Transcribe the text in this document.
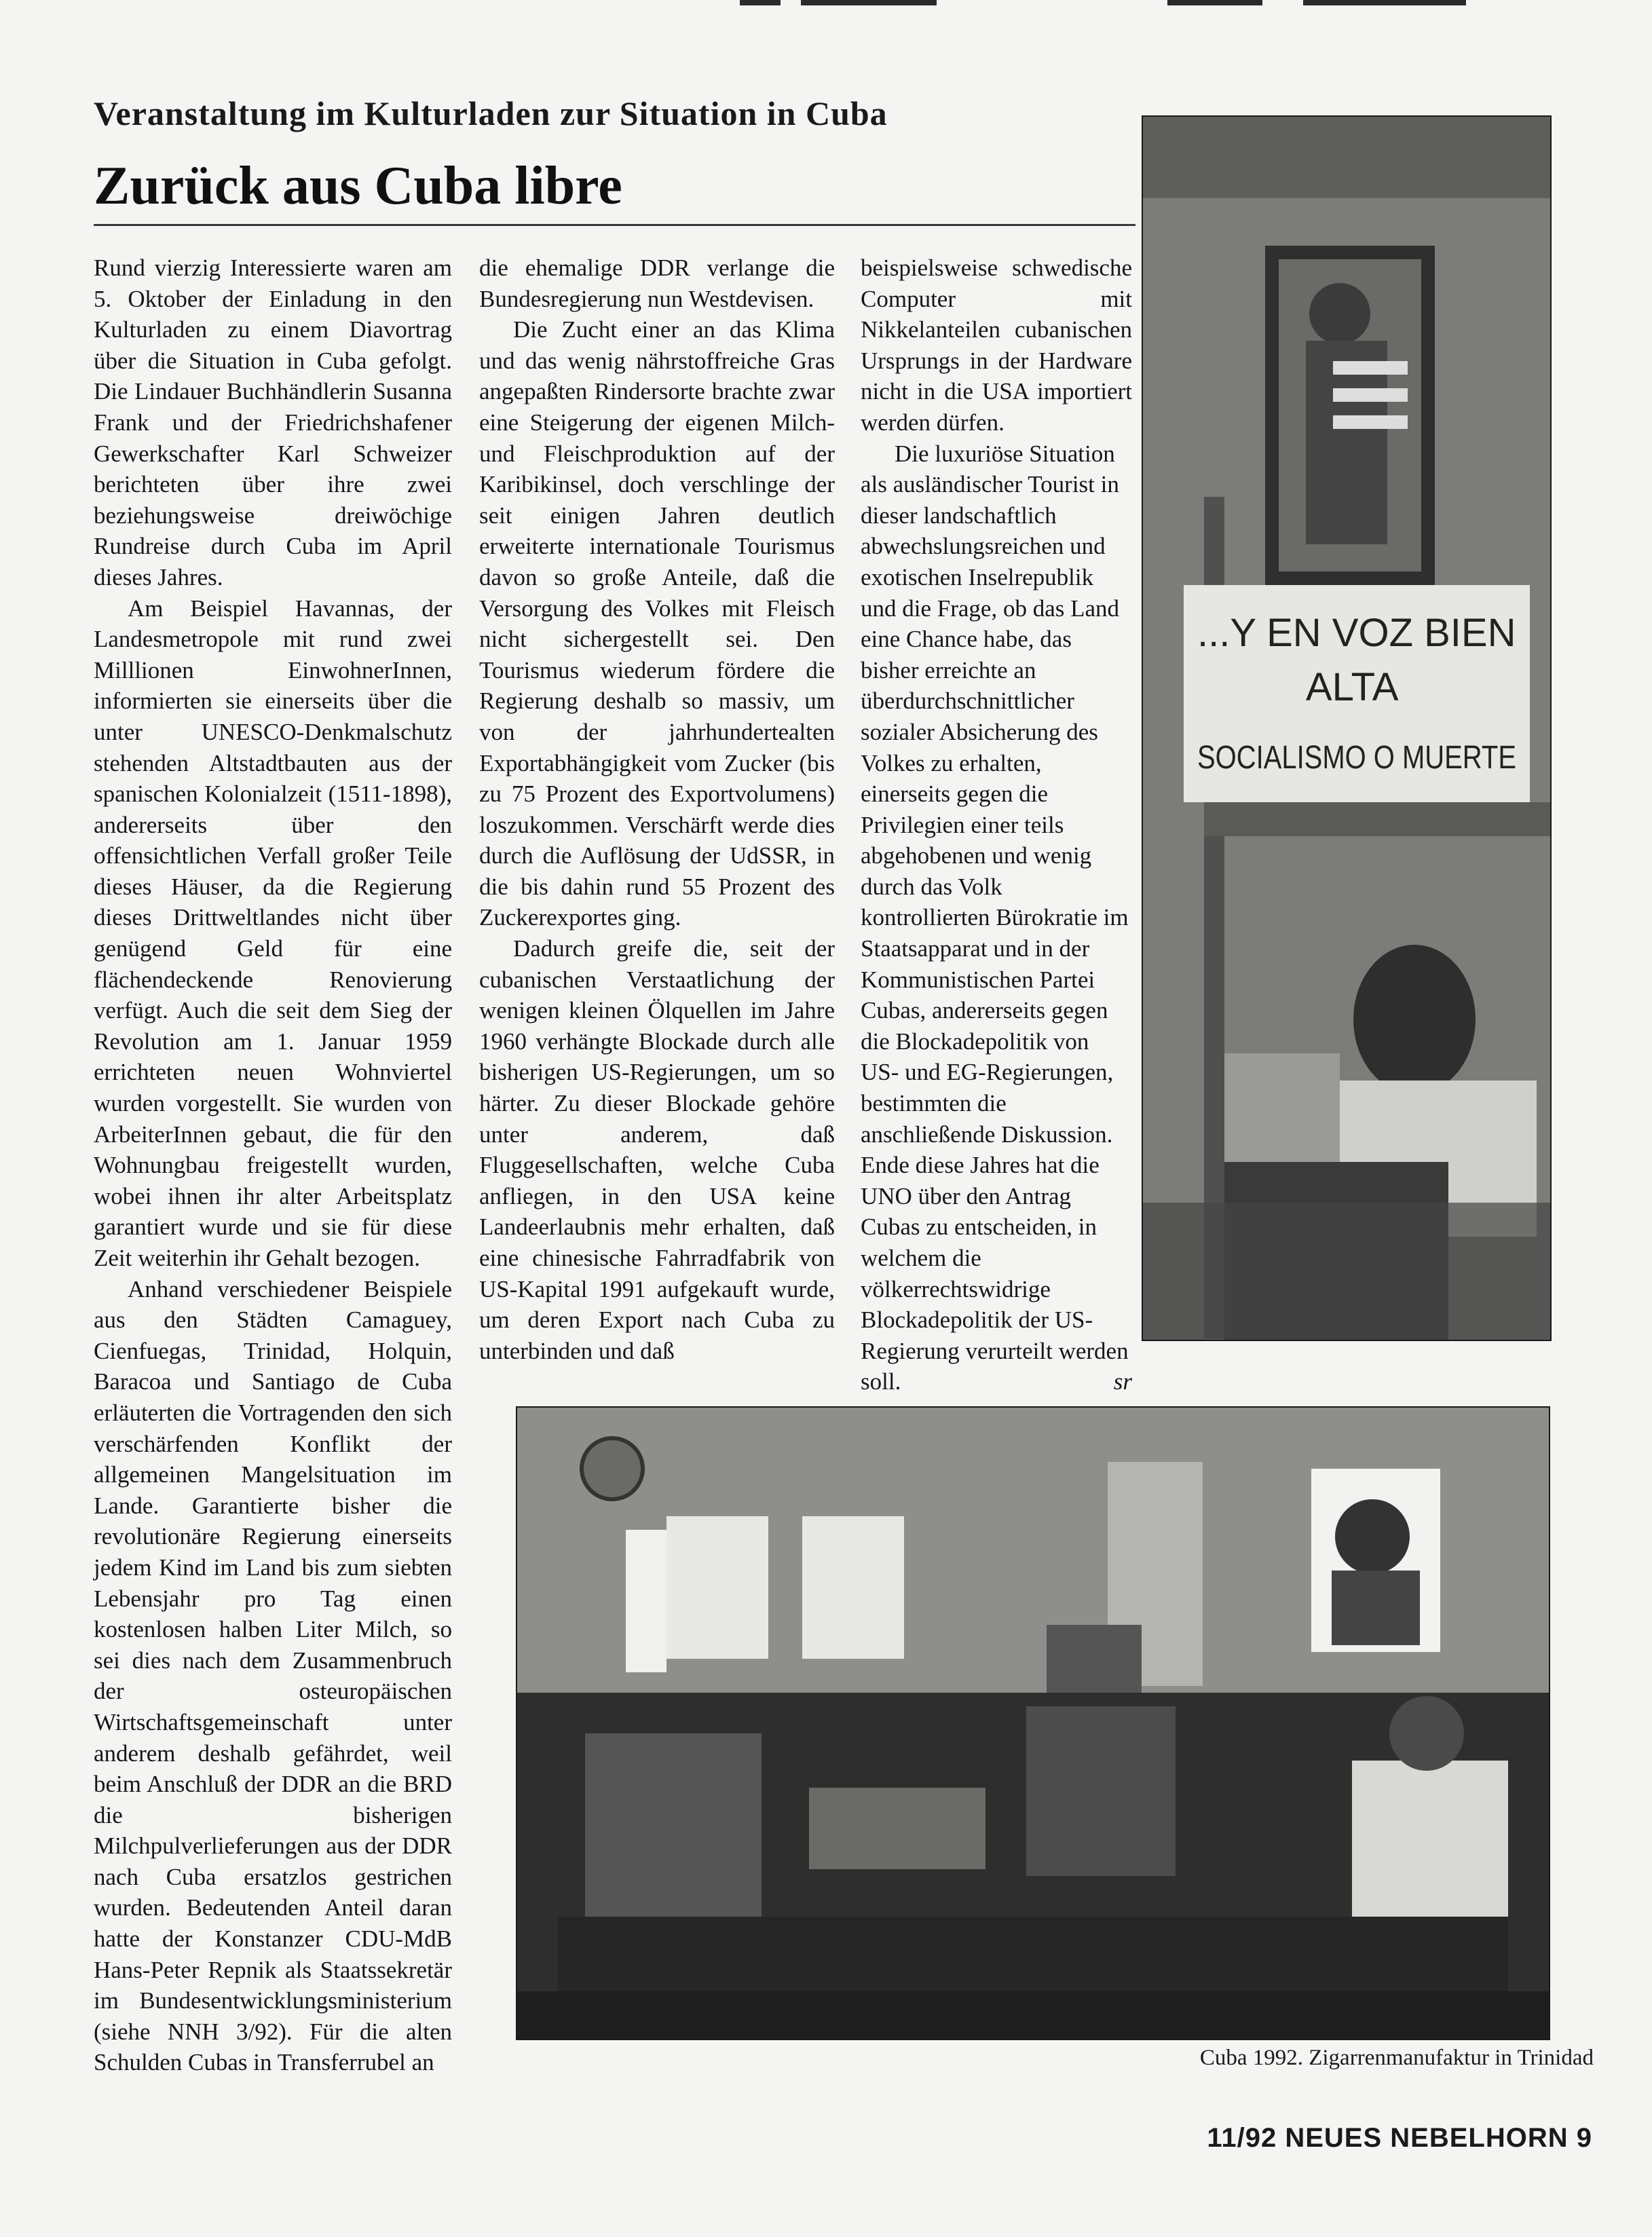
Veranstaltung im Kulturladen zur Situation in Cuba
Zurück aus Cuba libre

Rund vierzig Interessierte waren am 5. Oktober der Einladung in den Kulturladen zu einem Diavortrag über die Situation in Cuba gefolgt. Die Lindauer Buchhändlerin Susanna Frank und der Friedrichshafener Gewerkschafter Karl Schweizer berichteten über ihre zwei beziehungsweise dreiwöchige Rundreise durch Cuba im April dieses Jahres.

Am Beispiel Havannas, der Landesmetropole mit rund zwei Milllionen EinwohnerInnen, informierten sie einerseits über die unter UNESCO-Denkmalschutz stehenden Altstadtbauten aus der spanischen Kolonialzeit (1511-1898), andererseits über den offensichtlichen Verfall großer Teile dieses Häuser, da die Regierung dieses Drittweltlandes nicht über genügend Geld für eine flächendeckende Renovierung verfügt. Auch die seit dem Sieg der Revolution am 1. Januar 1959 errichteten neuen Wohnviertel wurden vorgestellt. Sie wurden von ArbeiterInnen gebaut, die für den Wohnungbau freigestellt wurden, wobei ihnen ihr alter Arbeitsplatz garantiert wurde und sie für diese Zeit weiterhin ihr Gehalt bezogen.

Anhand verschiedener Beispiele aus den Städten Camaguey, Cienfuegas, Trinidad, Holquin, Baracoa und Santiago de Cuba erläuterten die Vortragenden den sich verschärfenden Konflikt der allgemeinen Mangelsituation im Lande. Garantierte bisher die revolutionäre Regierung einerseits jedem Kind im Land bis zum siebten Lebensjahr pro Tag einen kostenlosen halben Liter Milch, so sei dies nach dem Zusammenbruch der osteuropäischen Wirtschaftsgemeinschaft unter anderem deshalb gefährdet, weil beim Anschluß der DDR an die BRD die bisherigen Milchpulverlieferungen aus der DDR nach Cuba ersatzlos gestrichen wurden. Bedeutenden Anteil daran hatte der Konstanzer CDU-MdB Hans-Peter Repnik als Staatssekretär im Bundesentwicklungsministerium (siehe NNH 3/92). Für die alten Schulden Cubas in Transferrubel an

die ehemalige DDR verlange die Bundesregierung nun Westdevisen.

Die Zucht einer an das Klima und das wenig nährstoffreiche Gras angepaßten Rindersorte brachte zwar eine Steigerung der eigenen Milch- und Fleischproduktion auf der Karibikinsel, doch verschlinge der seit einigen Jahren deutlich erweiterte internationale Tourismus davon so große Anteile, daß die Versorgung des Volkes mit Fleisch nicht sichergestellt sei. Den Tourismus wiederum fördere die Regierung deshalb so massiv, um von der jahrhundertealten Exportabhängigkeit vom Zucker (bis zu 75 Prozent des Exportvolumens) loszukommen. Verschärft werde dies durch die Auflösung der UdSSR, in die bis dahin rund 55 Prozent des Zuckerexportes ging.

Dadurch greife die, seit der cubanischen Verstaatlichung der wenigen kleinen Ölquellen im Jahre 1960 verhängte Blockade durch alle bisherigen US-Regierungen, um so härter. Zu dieser Blockade gehöre unter anderem, daß Fluggesellschaften, welche Cuba anfliegen, in den USA keine Landeerlaubnis mehr erhalten, daß eine chinesische Fahrradfabrik von US-Kapital 1991 aufgekauft wurde, um deren Export nach Cuba zu unterbinden und daß

beispielsweise schwedische Computer mit Nikkelanteilen cubanischen Ursprungs in der Hardware nicht in die USA importiert werden dürfen.

Die luxuriöse Situation als ausländischer Tourist in dieser landschaftlich abwechslungsreichen und exotischen Inselrepublik und die Frage, ob das Land eine Chance habe, das bisher erreichte an überdurchschnittlicher sozialer Absicherung des Volkes zu erhalten, einerseits gegen die Privilegien einer teils abgehobenen und wenig durch das Volk kontrollierten Bürokratie im Staatsapparat und in der Kommunistischen Partei Cubas, andererseits gegen die Blockadepolitik von US- und EG-Regierungen, bestimmten die anschließende Diskussion. Ende diese Jahres hat die UNO über den Antrag Cubas zu entscheiden, in welchem die völkerrechtswidrige Blockadepolitik der US-Regierung verurteilt werden soll.	sr

...Y EN VOZ BIEN
ALTA
SOCIALISMO O MUERTE
Cuba 1992. Zigarrenmanufaktur in Trinidad
11/92 NEUES NEBELHORN 9
